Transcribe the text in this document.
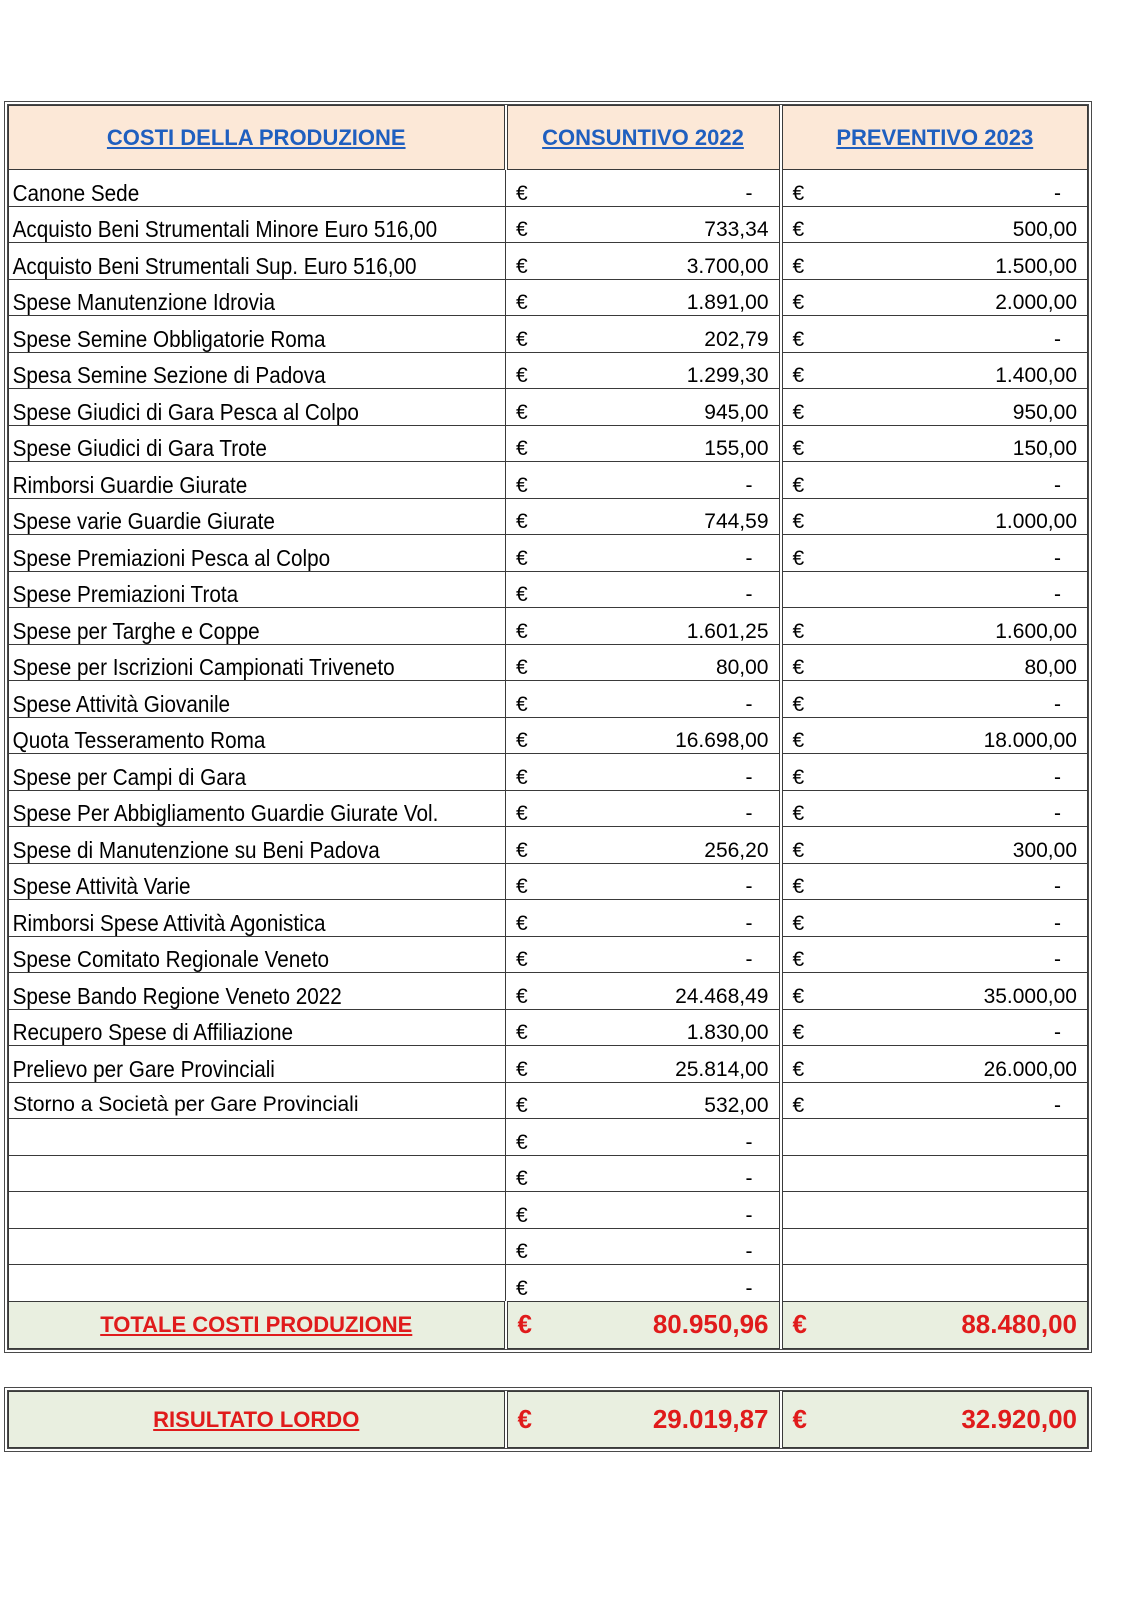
COSTI DELLA PRODUZIONE	CONSUNTIVO 2022	PREVENTIVO 2023

Canone Sede	€ -	€ -

Acquisto Beni Strumentali Minore Euro 516,00	€ 733,34	€ 500,00

Acquisto Beni Strumentali Sup. Euro 516,00	€ 3.700,00	€ 1.500,00

Spese Manutenzione Idrovia	€ 1.891,00	€ 2.000,00

Spese Semine Obbligatorie Roma	€ 202,79	€ -

Spesa Semine Sezione di Padova	€ 1.299,30	€ 1.400,00

Spese Giudici di Gara Pesca al Colpo	€ 945,00	€ 950,00

Spese Giudici di Gara Trote	€ 155,00	€ 150,00

Rimborsi Guardie Giurate	€ -	€ -

Spese varie Guardie Giurate	€ 744,59	€ 1.000,00

Spese Premiazioni Pesca al Colpo	€ -	€ -

Spese Premiazioni Trota	€ -	-

Spese per Targhe e Coppe	€ 1.601,25	€ 1.600,00

Spese per Iscrizioni Campionati Triveneto	€ 80,00	€ 80,00

Spese Attività Giovanile	€ -	€ -

Quota Tesseramento Roma	€ 16.698,00	€ 18.000,00

Spese per Campi di Gara	€ -	€ -

Spese Per Abbigliamento Guardie Giurate Vol.	€ -	€ -

Spese di Manutenzione su Beni Padova	€ 256,20	€ 300,00

Spese Attività Varie	€ -	€ -

Rimborsi Spese Attività Agonistica	€ -	€ -

Spese Comitato Regionale Veneto	€ -	€ -

Spese Bando Regione Veneto 2022	€ 24.468,49	€ 35.000,00

Recupero Spese di Affiliazione	€ 1.830,00	€ -

Prelievo per Gare Provinciali	€ 25.814,00	€ 26.000,00

Storno a Società per Gare Provinciali	€ 532,00	€ -

	€ -	

	€ -	

	€ -	

	€ -	

	€ -	

TOTALE COSTI PRODUZIONE	€ 80.950,96	€ 88.480,00
RISULTATO LORDO	€	29.019,87	€	32.920,00
